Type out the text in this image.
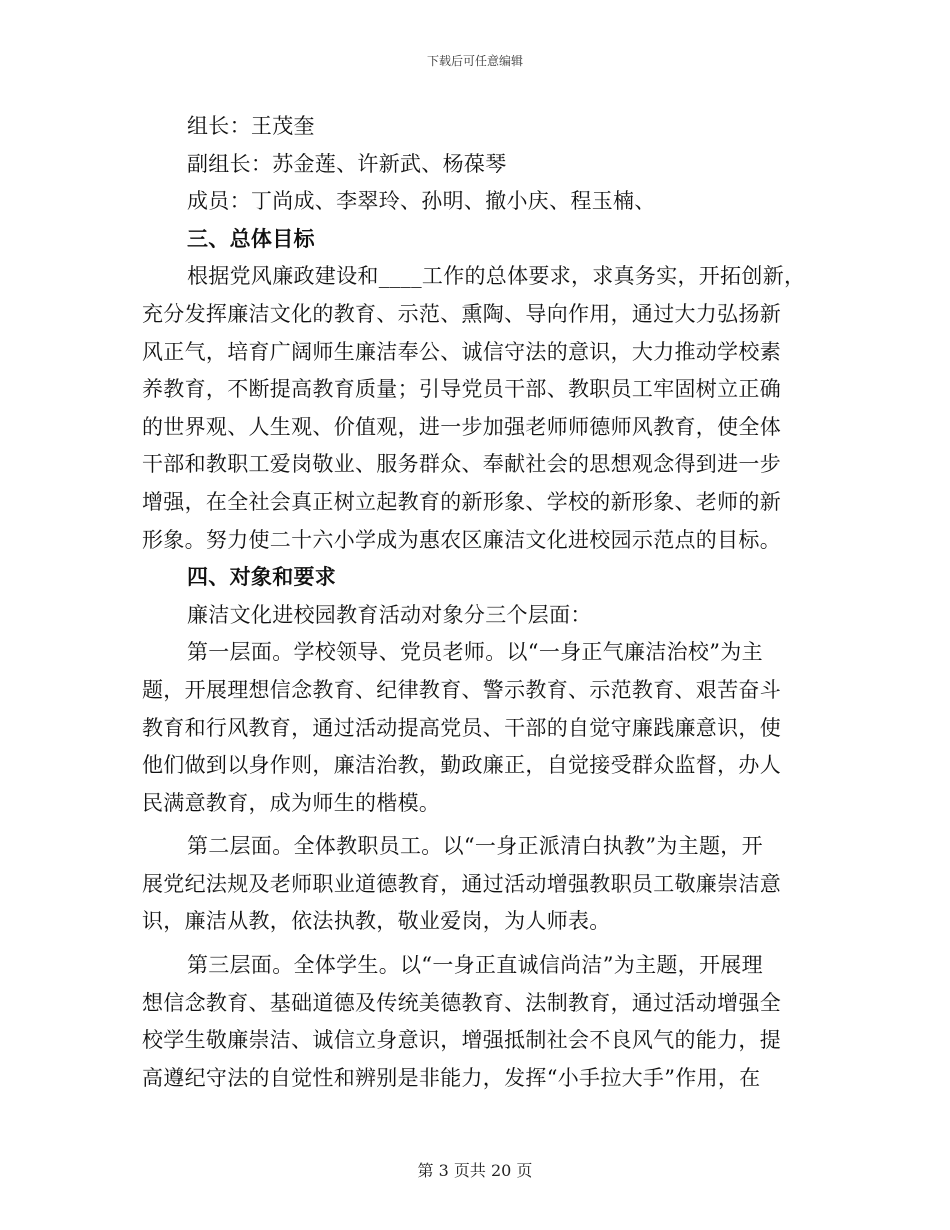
下载后可任意编辑
组长：王茂奎
副组长：苏金莲、许新武、杨葆琴
成员：丁尚成、李翠玲、孙明、撤小庆、程玉楠、
三、总体目标
根据党风廉政建设和____工作的总体要求，求真务实，开拓创新，
充分发挥廉洁文化的教育、示范、熏陶、导向作用，通过大力弘扬新
风正气，培育广阔师生廉洁奉公、诚信守法的意识，大力推动学校素
养教育，不断提高教育质量；引导党员干部、教职员工牢固树立正确
的世界观、人生观、价值观，进一步加强老师师德师风教育，使全体
干部和教职工爱岗敬业、服务群众、奉献社会的思想观念得到进一步
增强，在全社会真正树立起教育的新形象、学校的新形象、老师的新
形象。努力使二十六小学成为惠农区廉洁文化进校园示范点的目标。
四、对象和要求
廉洁文化进校园教育活动对象分三个层面：
第一层面。学校领导、党员老师。以“一身正气廉洁治校”为主
题，开展理想信念教育、纪律教育、警示教育、示范教育、艰苦奋斗
教育和行风教育，通过活动提高党员、干部的自觉守廉践廉意识，使
他们做到以身作则，廉洁治教，勤政廉正，自觉接受群众监督，办人
民满意教育，成为师生的楷模。
第二层面。全体教职员工。以“一身正派清白执教”为主题，开
展党纪法规及老师职业道德教育，通过活动增强教职员工敬廉崇洁意
识，廉洁从教，依法执教，敬业爱岗，为人师表。
第三层面。全体学生。以“一身正直诚信尚洁”为主题，开展理
想信念教育、基础道德及传统美德教育、法制教育，通过活动增强全
校学生敬廉崇洁、诚信立身意识，增强抵制社会不良风气的能力，提
高遵纪守法的自觉性和辨别是非能力，发挥“小手拉大手”作用，在
第 3 页共 20 页
